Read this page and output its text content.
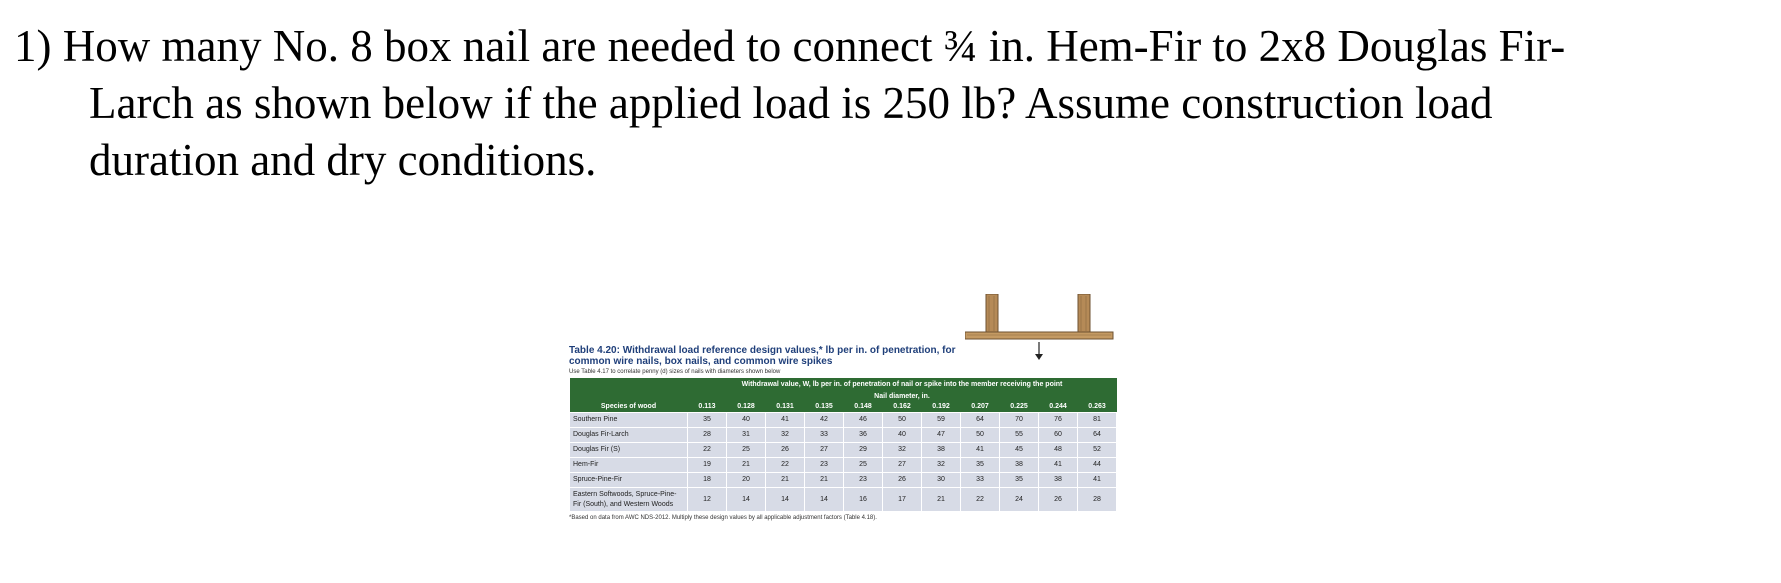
1) How many No. 8 box nail are needed to connect ¾ in. Hem-Fir to 2x8 Douglas Fir-
Larch as shown below if the applied load is 250 lb? Assume construction load
duration and dry conditions.
Table 4.20: Withdrawal load reference design values,* lb per in. of penetration, for common wire nails, box nails, and common wire spikes
Use Table 4.17 to correlate penny (d) sizes of nails with diameters shown below
	Withdrawal value, W, lb per in. of penetration of nail or spike into the member receiving the point										
	Nail diameter, in.										
Species of wood	0.113	0.128	0.131	0.135	0.148	0.162	0.192	0.207	0.225	0.244	0.263
Southern Pine	35	40	41	42	46	50	59	64	70	76	81
Douglas Fir-Larch	28	31	32	33	36	40	47	50	55	60	64
Douglas Fir (S)	22	25	26	27	29	32	38	41	45	48	52
Hem-Fir	19	21	22	23	25	27	32	35	38	41	44
Spruce-Pine-Fir	18	20	21	21	23	26	30	33	35	38	41
Eastern Softwoods, Spruce-Pine-Fir (South), and Western Woods	12	14	14	14	16	17	21	22	24	26	28
*Based on data from AWC NDS-2012. Multiply these design values by all applicable adjustment factors (Table 4.18).
